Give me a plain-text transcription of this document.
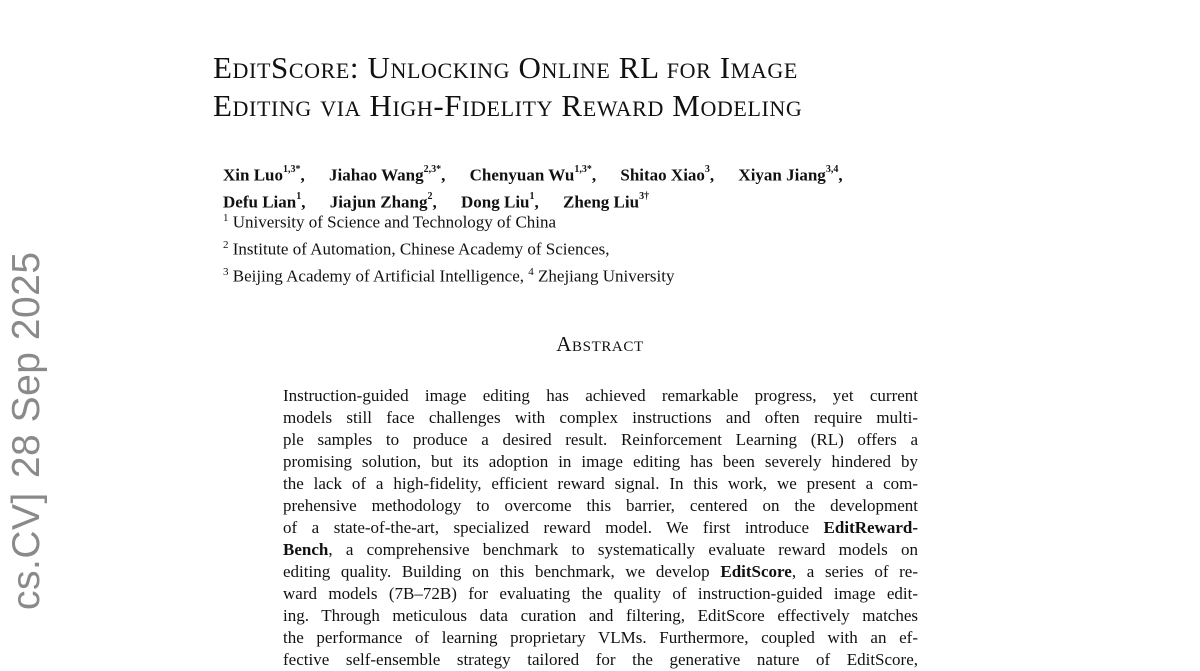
cs.CV]28 Sep 2025
EditScore: Unlocking Online RL for Image
Editing via High-Fidelity Reward Modeling
Xin Luo$^{1,3*}$, Jiahao Wang$^{2,3*}$, Chenyuan $Wu^{1,3*}$, Shitao Xiao$^3$, Xiyan Jiang$^{3,4}$,
Defu Lian$^1$, Jiajun Zhang$^2$, Dong Liu$^1$, Zheng Liu$^{3\dagger}$
$^1$ University of Science and Technology of China
$^2$ Institute of Automation, Chinese Academy of Sciences,
$^3$ Beijing Academy of Artificial Intelligence, $^4$ Zhejiang University
Abstract
Instruction-guided image editing has achieved remarkable progress, yet current
models still face challenges with complex instructions and often require multi-
ple samples to produce a desired result. Reinforcement Learning (RL) offers a
promising solution, but its adoption in image editing has been severely hindered by
the lack of a high-fidelity, efficient reward signal. In this work, we present a com-
prehensive methodology to overcome this barrier, centered on the development
of a state-of-the-art, specialized reward model. We first introduce EditReward-
Bench, a comprehensive benchmark to systematically evaluate reward models on
editing quality. Building on this benchmark, we develop EditScore, a series of re-
ward models (7B–72B) for evaluating the quality of instruction-guided image edit-
ing. Through meticulous data curation and filtering, EditScore effectively matches
the performance of learning proprietary VLMs. Furthermore, coupled with an ef-
fective self-ensemble strategy tailored for the generative nature of EditScore,
